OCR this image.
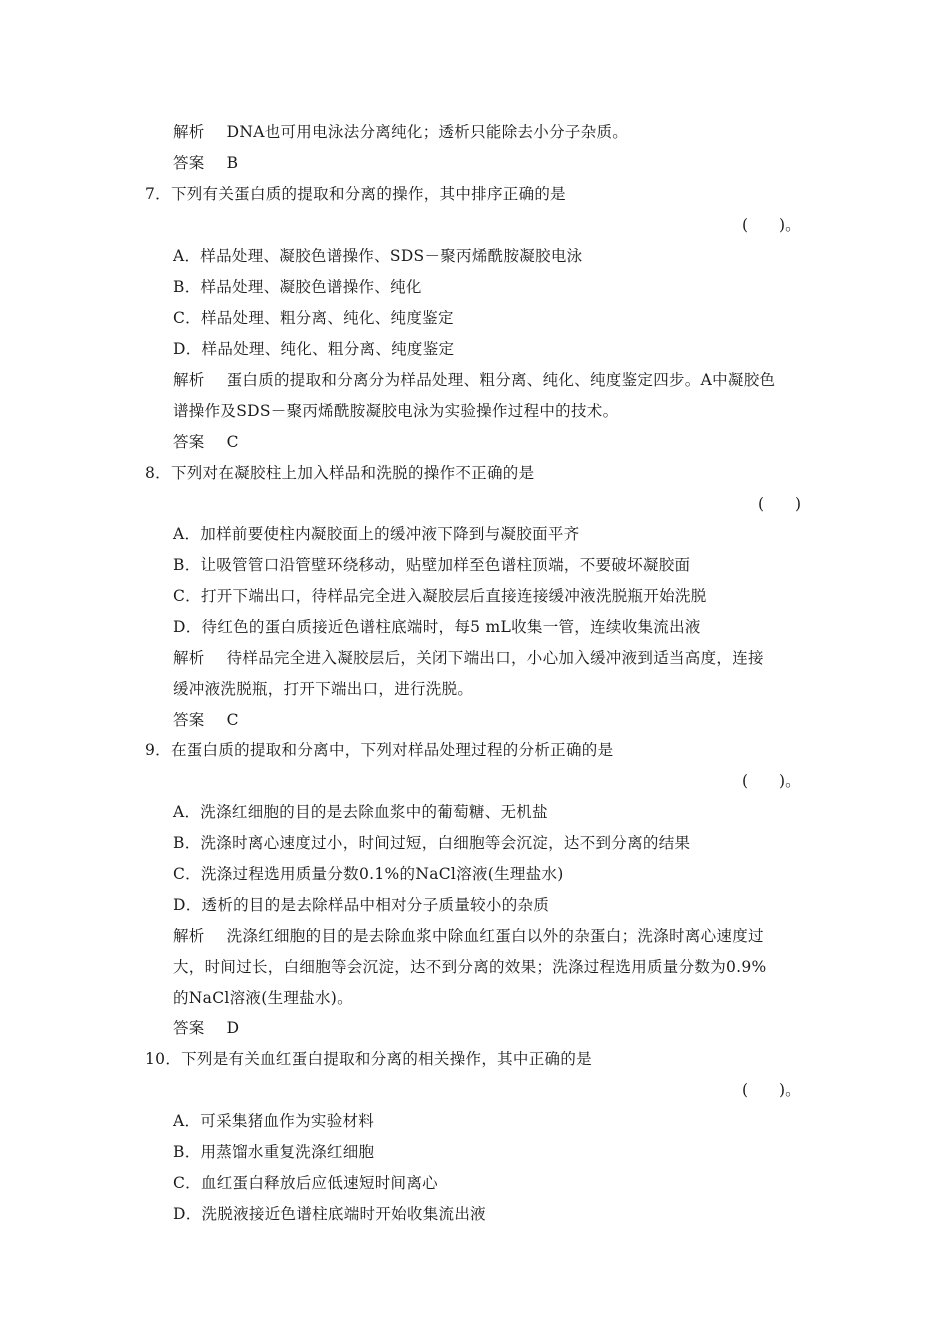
解析 DNA也可用电泳法分离纯化；透析只能除去小分子杂质。
答案 B
7．下列有关蛋白质的提取和分离的操作，其中排序正确的是
(　　)。
A．样品处理、凝胶色谱操作、SDS－聚丙烯酰胺凝胶电泳
B．样品处理、凝胶色谱操作、纯化
C．样品处理、粗分离、纯化、纯度鉴定
D．样品处理、纯化、粗分离、纯度鉴定
解析 蛋白质的提取和分离分为样品处理、粗分离、纯化、纯度鉴定四步。A中凝胶色
谱操作及SDS－聚丙烯酰胺凝胶电泳为实验操作过程中的技术。
答案 C
8．下列对在凝胶柱上加入样品和洗脱的操作不正确的是
(　　)
A．加样前要使柱内凝胶面上的缓冲液下降到与凝胶面平齐
B．让吸管管口沿管壁环绕移动，贴壁加样至色谱柱顶端，不要破坏凝胶面
C．打开下端出口，待样品完全进入凝胶层后直接连接缓冲液洗脱瓶开始洗脱
D．待红色的蛋白质接近色谱柱底端时，每5 mL收集一管，连续收集流出液
解析 待样品完全进入凝胶层后，关闭下端出口，小心加入缓冲液到适当高度，连接
缓冲液洗脱瓶，打开下端出口，进行洗脱。
答案 C
9．在蛋白质的提取和分离中，下列对样品处理过程的分析正确的是
(　　)。
A．洗涤红细胞的目的是去除血浆中的葡萄糖、无机盐
B．洗涤时离心速度过小，时间过短，白细胞等会沉淀，达不到分离的结果
C．洗涤过程选用质量分数0.1%的NaCl溶液(生理盐水)
D．透析的目的是去除样品中相对分子质量较小的杂质
解析 洗涤红细胞的目的是去除血浆中除血红蛋白以外的杂蛋白；洗涤时离心速度过
大，时间过长，白细胞等会沉淀，达不到分离的效果；洗涤过程选用质量分数为0.9%
的NaCl溶液(生理盐水)。
答案 D
10．下列是有关血红蛋白提取和分离的相关操作，其中正确的是
(　　)。
A．可采集猪血作为实验材料
B．用蒸馏水重复洗涤红细胞
C．血红蛋白释放后应低速短时间离心
D．洗脱液接近色谱柱底端时开始收集流出液
